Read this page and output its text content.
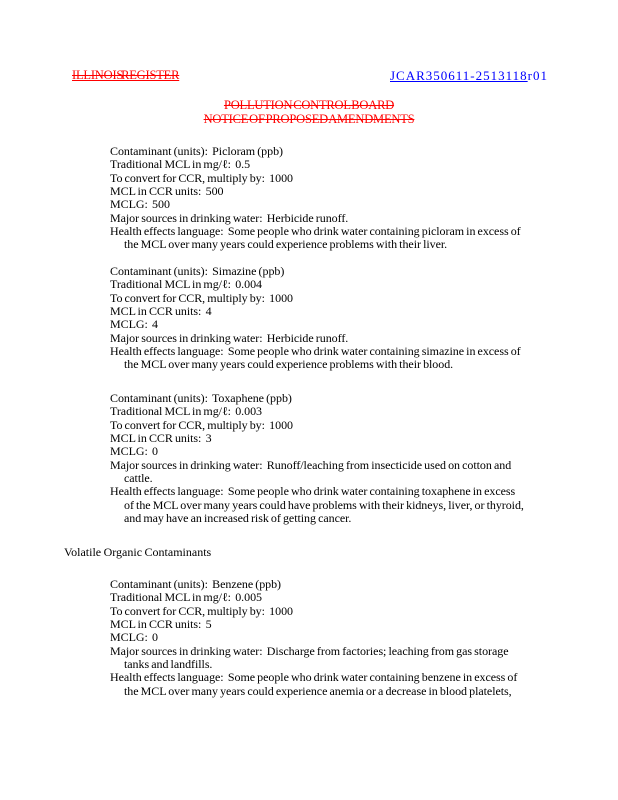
ILLINOIS REGISTER	JCAR350611-2513118r01
POLLUTION CONTROL BOARD
NOTICE OF PROPOSED AMENDMENTS
Contaminant (units):  Picloram (ppb)
Traditional MCL in mg/ℓ:  0.5
To convert for CCR, multiply by:  1000
MCL in CCR units:  500
MCLG:  500
Major sources in drinking water:  Herbicide runoff.
Health effects language:  Some people who drink water containing picloram in excess of
the MCL over many years could experience problems with their liver.
Contaminant (units):  Simazine (ppb)
Traditional MCL in mg/ℓ:  0.004
To convert for CCR, multiply by:  1000
MCL in CCR units:  4
MCLG:  4
Major sources in drinking water:  Herbicide runoff.
Health effects language:  Some people who drink water containing simazine in excess of
the MCL over many years could experience problems with their blood.
Contaminant (units):  Toxaphene (ppb)
Traditional MCL in mg/ℓ:  0.003
To convert for CCR, multiply by:  1000
MCL in CCR units:  3
MCLG:  0
Major sources in drinking water:  Runoff/leaching from insecticide used on cotton and
cattle.
Health effects language:  Some people who drink water containing toxaphene in excess
of the MCL over many years could have problems with their kidneys, liver, or thyroid,
and may have an increased risk of getting cancer.
Volatile Organic Contaminants
Contaminant (units):  Benzene (ppb)
Traditional MCL in mg/ℓ:  0.005
To convert for CCR, multiply by:  1000
MCL in CCR units:  5
MCLG:  0
Major sources in drinking water:  Discharge from factories; leaching from gas storage
tanks and landfills.
Health effects language:  Some people who drink water containing benzene in excess of
the MCL over many years could experience anemia or a decrease in blood platelets,
